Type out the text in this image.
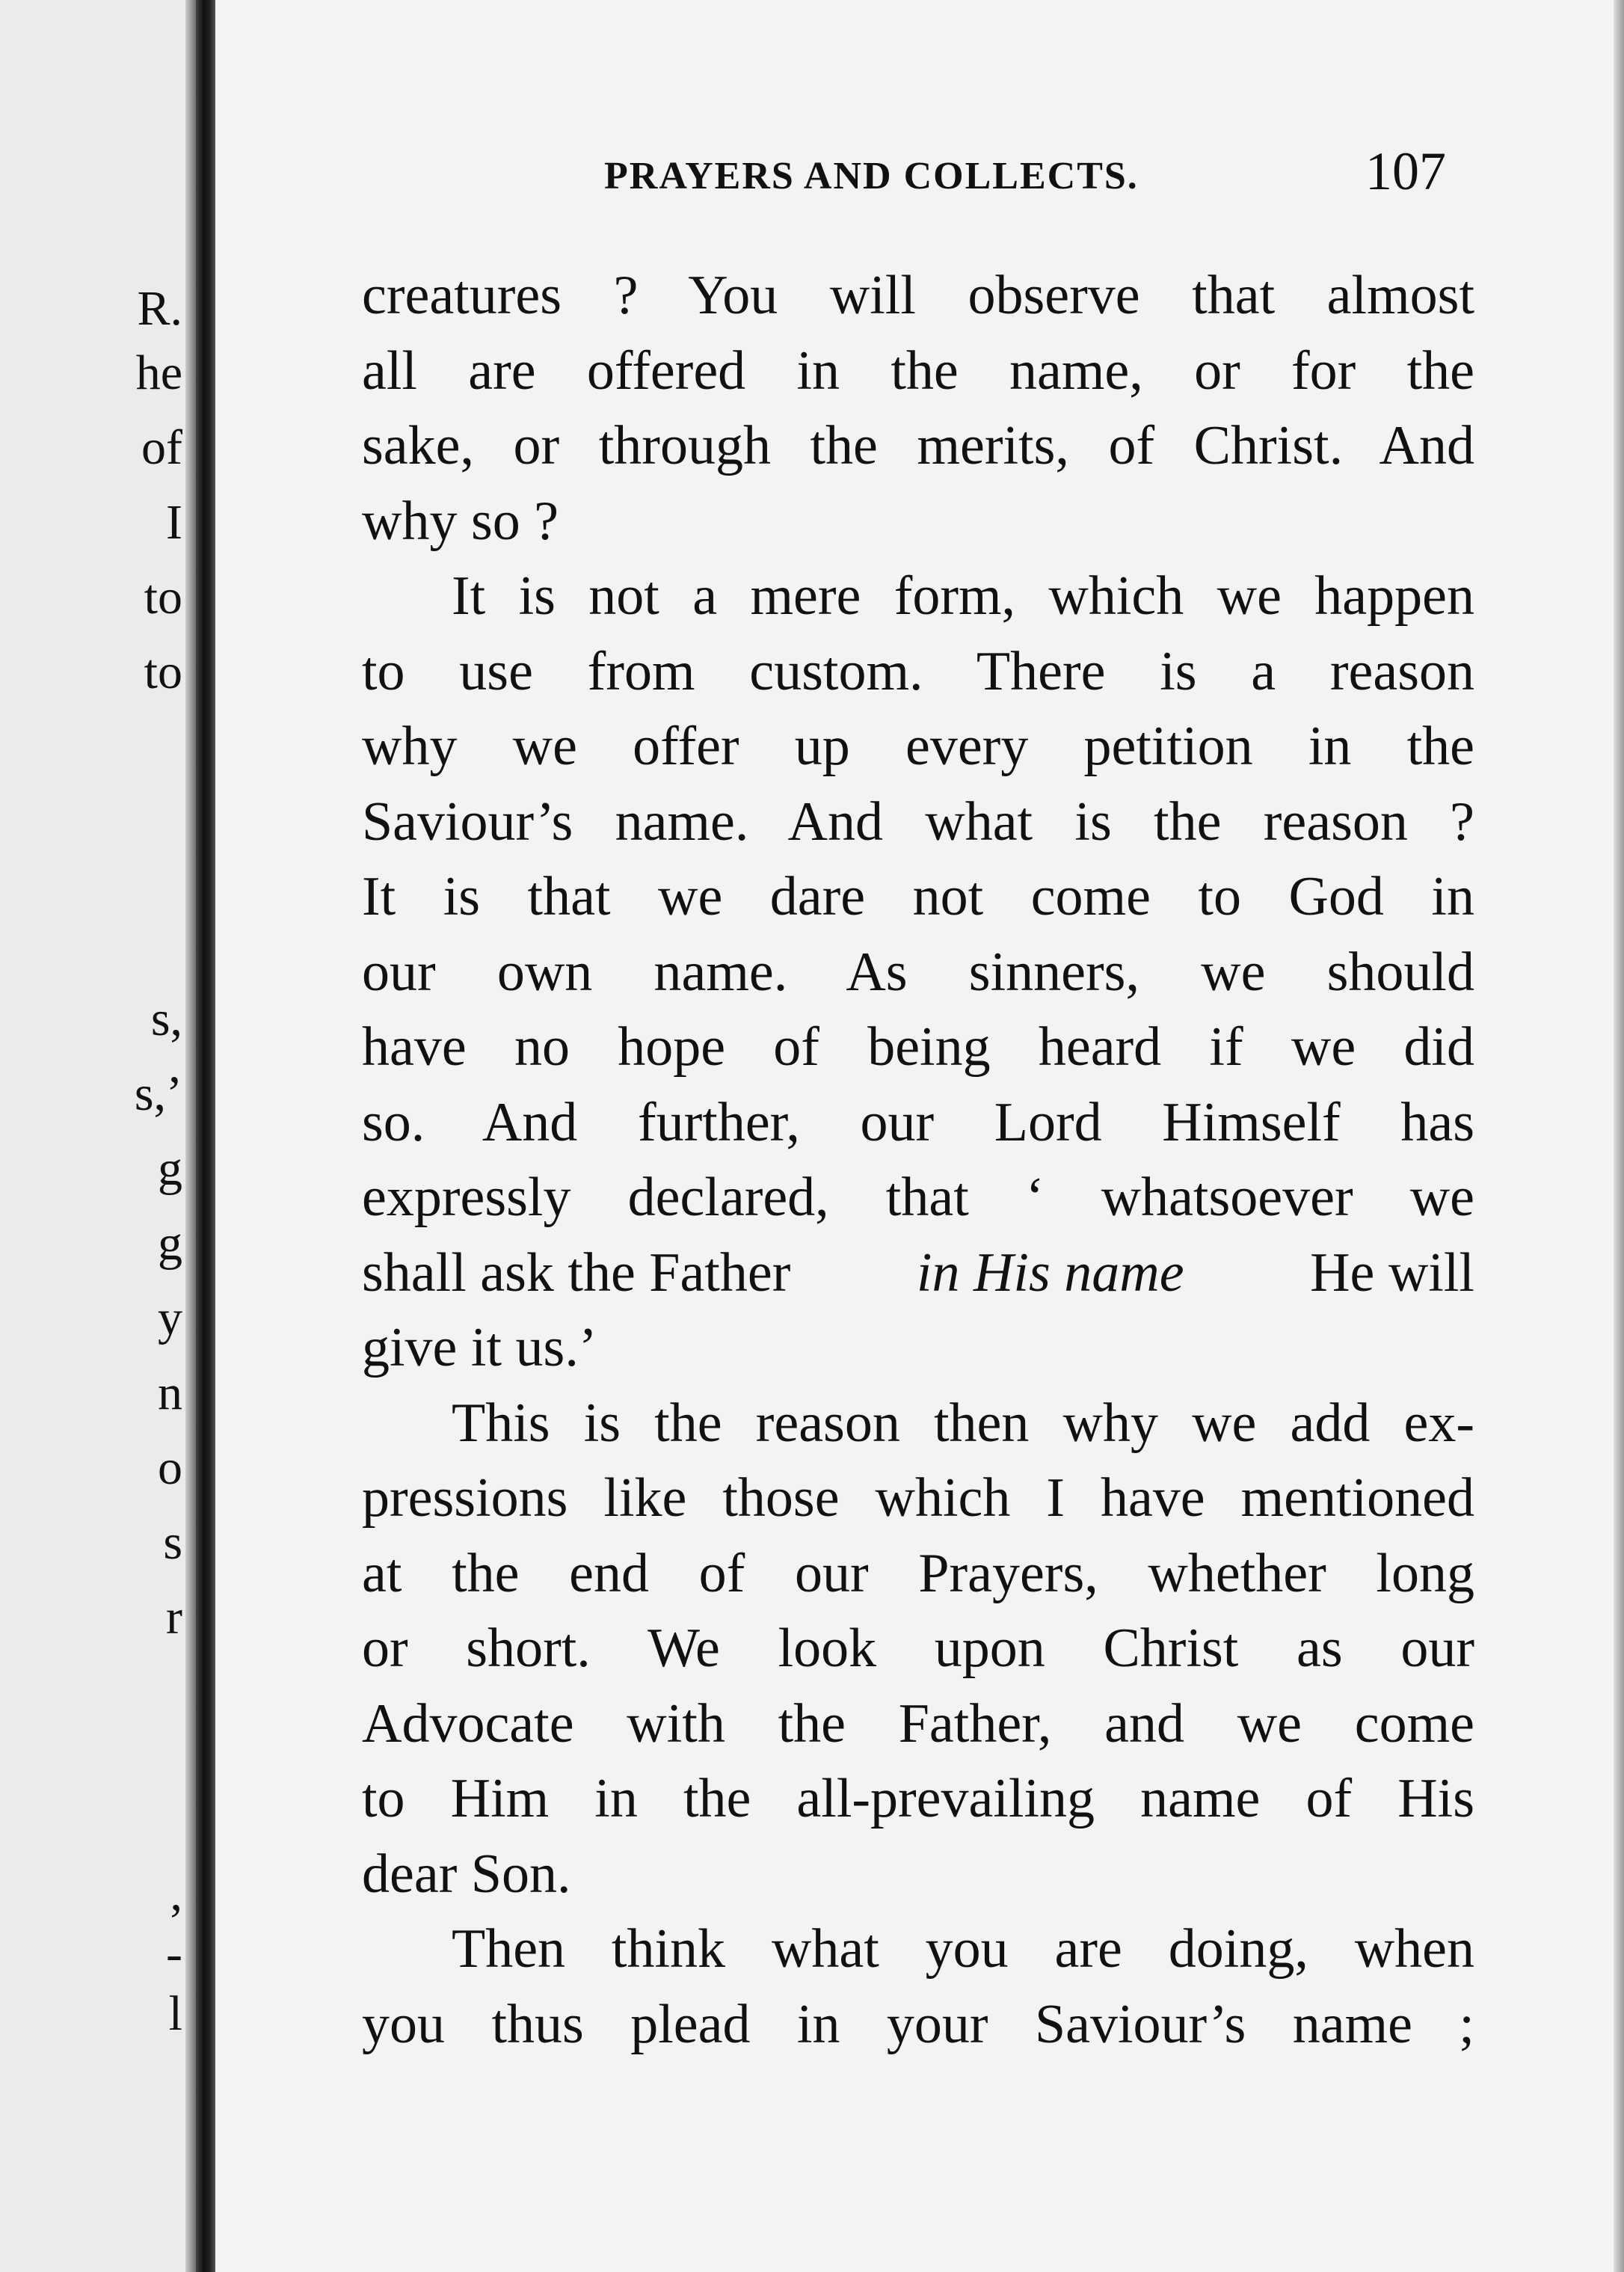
R.
he
of
I
to
to
s,
s,’
g
g
y
n
o
s
r
,
-
l
PRAYERS AND COLLECTS.	107
creatures ? You will observe that almost
all are offered in the name, or for the
sake, or through the merits, of Christ. And
why so ?
It is not a mere form, which we happen
to use from custom. There is a reason
why we offer up every petition in the
Saviour’s name. And what is the reason ?
It is that we dare not come to God in
our own name. As sinners, we should
have no hope of being heard if we did
so. And further, our Lord Himself has
expressly declared, that ‘ whatsoever we
shall ask the Father in His name He will
give it us.’
This is the reason then why we add ex-
pressions like those which I have mentioned
at the end of our Prayers, whether long
or short. We look upon Christ as our
Advocate with the Father, and we come
to Him in the all-prevailing name of His
dear Son.
Then think what you are doing, when
you thus plead in your Saviour’s name ;
